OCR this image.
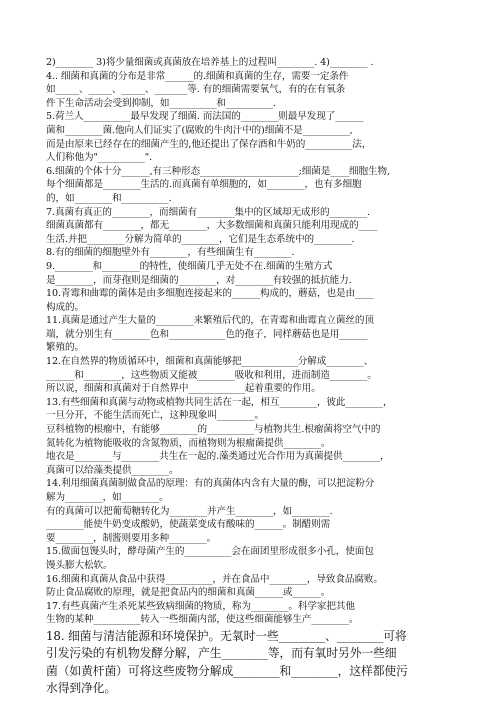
2)________ 3)将少量细菌或真菌放在培养基上的过程叫________. 4)________ .
4.. 细菌和真菌的分布是非常______的.细菌和真菌的生存，需要一定条件
如_____、_____、_____、_______等. 有的细菌需要氧气，有的在有氧条
件下生命活动会受到抑制，如__________和__________.
5.荷兰人__________最早发现了细菌. 而法国的________则最早发现了______
菌和________菌.他向人们证实了(腐败的牛肉汁中的)细菌不是__________,
而是由原来已经存在的细菌产生的,他还提出了保存酒和牛奶的__________法，
人们称他为"__________".
6.细菌的个体十分______,有三种形态_____________________;细菌是____细胞生物,
每个细菌都是________生活的.而真菌有单细胞的，如________，也有多细胞
的，如________和__________.
7.真菌有真正的________，而细菌有________集中的区域却无成形的________.
细菌真菌都有________，都无________，大多数细菌和真菌只能利用现成的____
生活.并把________分解为简单的________，它们是生态系统中的________.
8.有的细菌的细胞壁外有________，有些细菌生有________.
9.________和________的特性，使细菌几乎无处不在.细菌的生殖方式
是________，而芽孢则是细菌的________，对________有较强的抵抗能力.
10.青霉和曲霉的菌体是由多细胞连接起来的______构成的，蘑菇，也是由____
构成的。
11.真菌是通过产生大量的________来繁殖后代的，在青霉和曲霉直立菌丝的顶
端，就分别生有________色和____________色的孢子，同样蘑菇也是用______
繁殖的。
12.在自然界的物质循环中，细菌和真菌能够把____________分解成________、
______和________，这些物质又能被________吸收和利用，进而制造________。
所以说，细菌和真菌对于自然界中____________起着重要的作用。
13.有些细菌和真菌与动物或植物共同生活在一起，相互________，彼此________，
一旦分开，不能生活而死亡，这种现象叫________。
豆科植物的根瘤中，有能够________的__________与植物共生.根瘤菌将空气中的
氮转化为植物能吸收的含氮物质，而植物则为根瘤菌提供________。
地衣是________与________共生在一起的.藻类通过光合作用为真菌提供________，
真菌可以给藻类提供________。
14.利用细菌真菌制做食品的原理：有的真菌体内含有大量的酶，可以把淀粉分
解为________，如________。
有的真菌可以把葡萄糖转化为________并产生________，如________.
________能使牛奶变成酸奶，使蔬菜变成有酸味的______。制醋则需
要________，制酱则要用多种________。
15.做面包馒头时，酵母菌产生的__________会在面团里形成很多小孔，使面包
馒头膨大松软。
16.细菌和真菌从食品中获得__________，并在食品中________，导致食品腐败。
防止食品腐败的原理，就是把食品内的细菌和真菌______或______。
17.有些真菌产生杀死某些致病细菌的物质，称为________。科学家把其他
生物的某种__________转入一些细菌内部，使这些细菌能够生产________。
18. 细菌与清洁能源和环境保护。无氧时一些________、________可将
引发污染的有机物发酵分解，产生________等，而有氧时另外一些细
菌（如黄杆菌）可将这些废物分解成________和________，这样都使污
水得到净化。
